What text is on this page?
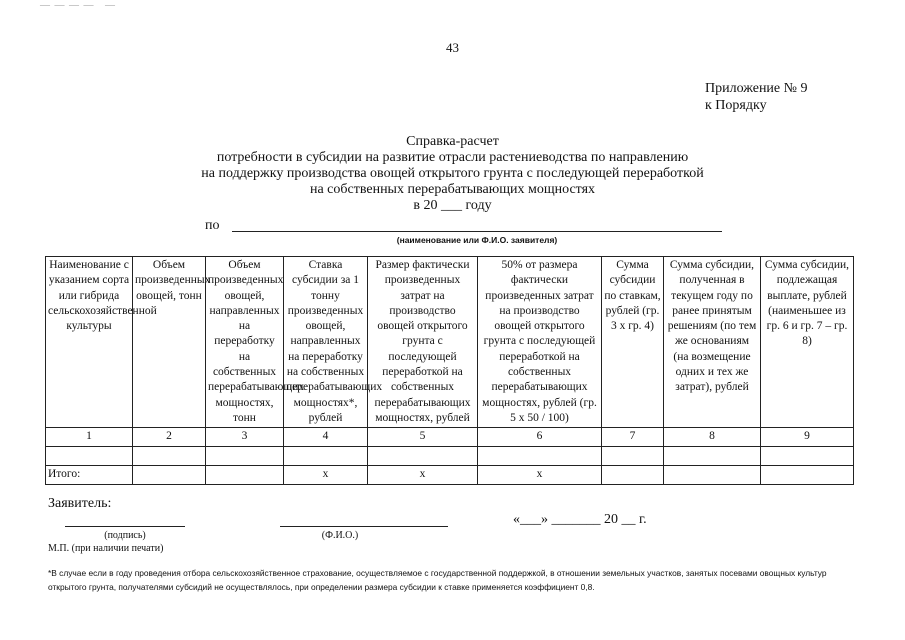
— — — —   —
43
Приложение № 9
к Порядку
Справка-расчет
потребности в субсидии на развитие отрасли растениеводства по направлению
на поддержку производства овощей открытого грунта с последующей переработкой
на собственных перерабатывающих мощностях
в 20 ___ году
по
(наименование или Ф.И.О. заявителя)
Наименование с указанием сорта или гибрида сельскохозяйственной культуры	Объем произведенных овощей, тонн	Объем произведенных овощей, направленных на переработку на собственных перерабатывающих мощностях, тонн	Ставка субсидии за 1 тонну произведенных овощей, направленных на переработку на собственных перерабатывающих мощностях*, рублей	Размер фактически произведенных затрат на производство овощей открытого грунта с последующей переработкой на собственных перерабатывающих мощностях, рублей	50% от размера фактически произведенных затрат на производство овощей открытого грунта с последующей переработкой на собственных перерабатывающих мощностях, рублей (гр. 5 х 50 / 100)	Сумма субсидии по ставкам, рублей (гр. 3 х гр. 4)	Сумма субсидии, полученная в текущем году по ранее принятым решениям (по тем же основаниям (на возмещение одних и тех же затрат), рублей	Сумма субсидии, подлежащая выплате, рублей (наименьшее из гр. 6 и гр. 7 – гр. 8)
1	2	3	4	5	6	7	8	9

Итого:			х	х	х			
Заявитель:
(подпись)	(Ф.И.О.)
«___» _______ 20 __ г.
М.П. (при наличии печати)
*В случае если в году проведения отбора сельскохозяйственное страхование, осуществляемое с государственной поддержкой, в отношении земельных участков, занятых посевами овощных культур открытого грунта, получателями субсидий не осуществлялось, при определении размера субсидии к ставке применяется коэффициент 0,8.
